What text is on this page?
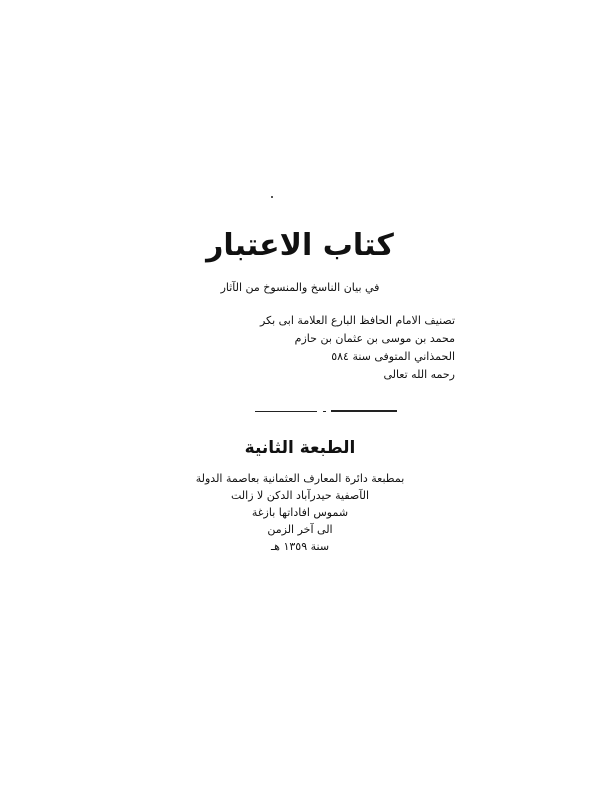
كتاب الاعتبار
في بيان الناسخ والمنسوخ من الآثار
تصنيف الامام الحافظ البارع العلامة ابى بكر
محمد بن موسى بن عثمان بن حازم
الحمذاني المتوفى سنة ٥٨٤
رحمه الله تعالى
الطبعة الثانية
بمطبعة دائرة المعارف العثمانية بعاصمة الدولة
الآصفية حيدرآباد الدكن لا زالت
شموس افاداتها بازغة
الى آخر الزمن
سنة ١٣٥٩ هـ
